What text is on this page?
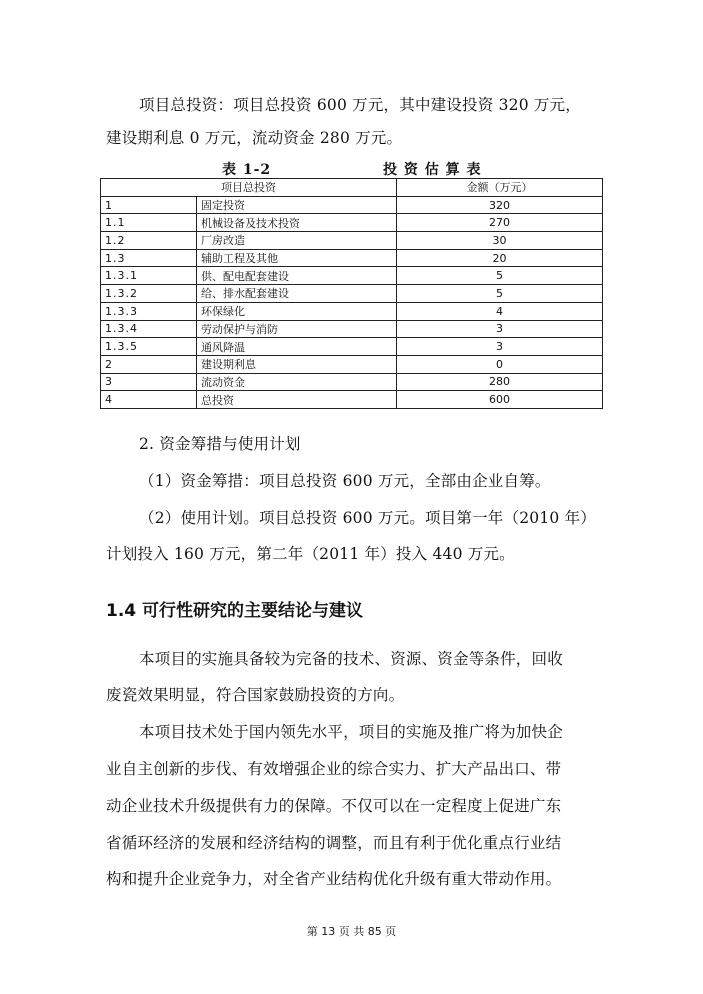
项目总投资：项目总投资 600 万元，其中建设投资 320 万元，
建设期利息 0 万元，流动资金 280 万元。
表 1-2	投 资 估 算 表
项目总投资		金额（万元）
1	固定投资	320
1.1	机械设备及技术投资	270
1.2	厂房改造	30
1.3	辅助工程及其他	20
1.3.1	供、配电配套建设	5
1.3.2	给、排水配套建设	5
1.3.3	环保绿化	4
1.3.4	劳动保护与消防	3
1.3.5	通风降温	3
2	建设期利息	0
3	流动资金	280
4	总投资	600
2. 资金筹措与使用计划
（1）资金筹措：项目总投资 600 万元，全部由企业自筹。
（2）使用计划。项目总投资 600 万元。项目第一年（2010 年）
计划投入 160 万元，第二年（2011 年）投入 440 万元。
1.4 可行性研究的主要结论与建议
本项目的实施具备较为完备的技术、资源、资金等条件，回收
废瓷效果明显，符合国家鼓励投资的方向。
本项目技术处于国内领先水平，项目的实施及推广将为加快企
业自主创新的步伐、有效增强企业的综合实力、扩大产品出口、带
动企业技术升级提供有力的保障。不仅可以在一定程度上促进广东
省循环经济的发展和经济结构的调整，而且有利于优化重点行业结
构和提升企业竞争力，对全省产业结构优化升级有重大带动作用。
第 13 页 共 85 页
